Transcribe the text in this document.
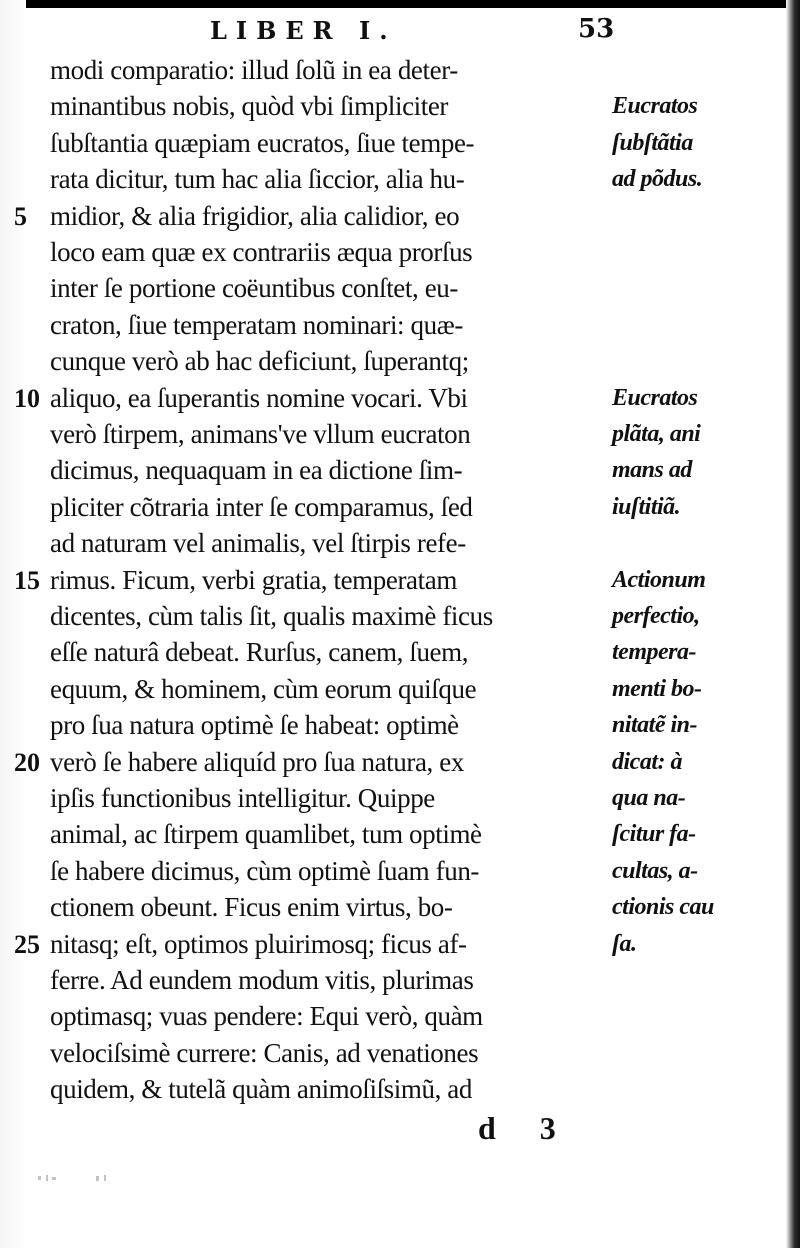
LIBER I.	53
modi comparatio: illud ſolũ in ea deter-
minantibus nobis, quòd vbi ſimpliciter
ſubſtantia quæpiam eucratos, ſiue tempe-
rata dicitur, tum hac alia ſiccior, alia hu-
midior, & alia frigidior, alia calidior, eo
loco eam quæ ex contrariis æqua prorſus
inter ſe portione coëuntibus conſtet, eu-
craton, ſiue temperatam nominari: quæ-
cunque verò ab hac deficiunt, ſuperantq;
aliquo, ea ſuperantis nomine vocari. Vbi
verò ſtirpem, animans've vllum eucraton
dicimus, nequaquam in ea dictione ſim-
pliciter cõtraria inter ſe comparamus, ſed
ad naturam vel animalis, vel ſtirpis refe-
rimus. Ficum, verbi gratia, temperatam
dicentes, cùm talis ſit, qualis maximè ficus
eſſe naturâ debeat. Rurſus, canem, ſuem,
equum, & hominem, cùm eorum quiſque
pro ſua natura optimè ſe habeat: optimè
verò ſe habere aliquíd pro ſua natura, ex
ipſis functionibus intelligitur. Quippe
animal, ac ſtirpem quamlibet, tum optimè
ſe habere dicimus, cùm optimè ſuam fun-
ctionem obeunt. Ficus enim virtus, bo-
nitasq; eſt, optimos pluirimosq; ficus af-
ferre. Ad eundem modum vitis, plurimas
optimasq; vuas pendere: Equi verò, quàm
velociſsimè currere: Canis, ad venationes
quidem, & tutelã quàm animoſiſsimũ, ad
5
10
15
20
25
Eucratos
ſubſtãtia
ad põdus.
Eucratos
plãta, ani
mans ad
iuſtitiã.
Actionum
perfectio,
tempera-
menti bo-
nitatẽ in-
dicat: à
qua na-
ſcitur fa-
cultas, a-
ctionis cau
ſa.
d 3
